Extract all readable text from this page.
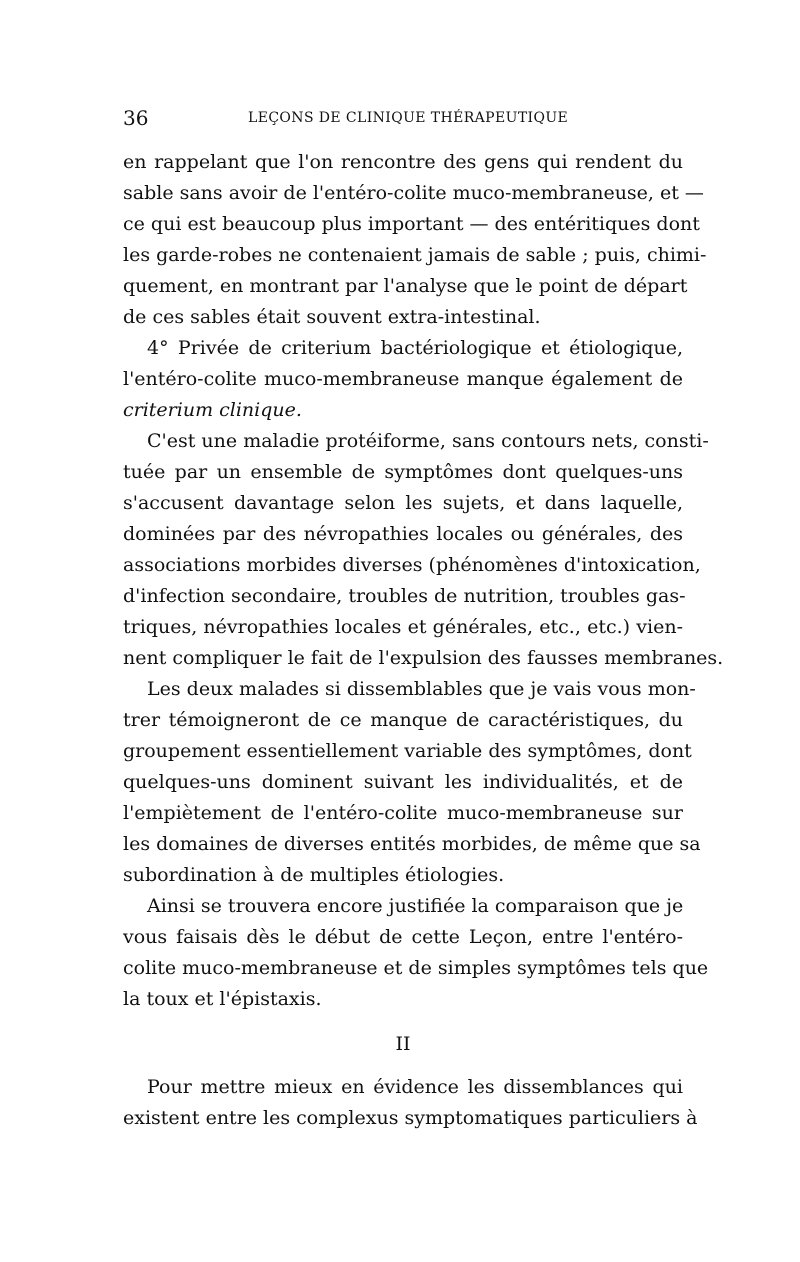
36	LEÇONS DE CLINIQUE THÉRAPEUTIQUE
en rappelant que l'on rencontre des gens qui rendent du
sable sans avoir de l'entéro-colite muco-membraneuse, et —
ce qui est beaucoup plus important — des entéritiques dont
les garde-robes ne contenaient jamais de sable ; puis, chimi-
quement, en montrant par l'analyse que le point de départ
de ces sables était souvent extra-intestinal.
4° Privée de criterium bactériologique et étiologique,
l'entéro-colite muco-membraneuse manque également de
criterium clinique.
C'est une maladie protéiforme, sans contours nets, consti-
tuée par un ensemble de symptômes dont quelques-uns
s'accusent davantage selon les sujets, et dans laquelle,
dominées par des névropathies locales ou générales, des
associations morbides diverses (phénomènes d'intoxication,
d'infection secondaire, troubles de nutrition, troubles gas-
triques, névropathies locales et générales, etc., etc.) vien-
nent compliquer le fait de l'expulsion des fausses membranes.
Les deux malades si dissemblables que je vais vous mon-
trer témoigneront de ce manque de caractéristiques, du
groupement essentiellement variable des symptômes, dont
quelques-uns dominent suivant les individualités, et de
l'empiètement de l'entéro-colite muco-membraneuse sur
les domaines de diverses entités morbides, de même que sa
subordination à de multiples étiologies.
Ainsi se trouvera encore justifiée la comparaison que je
vous faisais dès le début de cette Leçon, entre l'entéro-
colite muco-membraneuse et de simples symptômes tels que
la toux et l'épistaxis.
II
Pour mettre mieux en évidence les dissemblances qui
existent entre les complexus symptomatiques particuliers à
